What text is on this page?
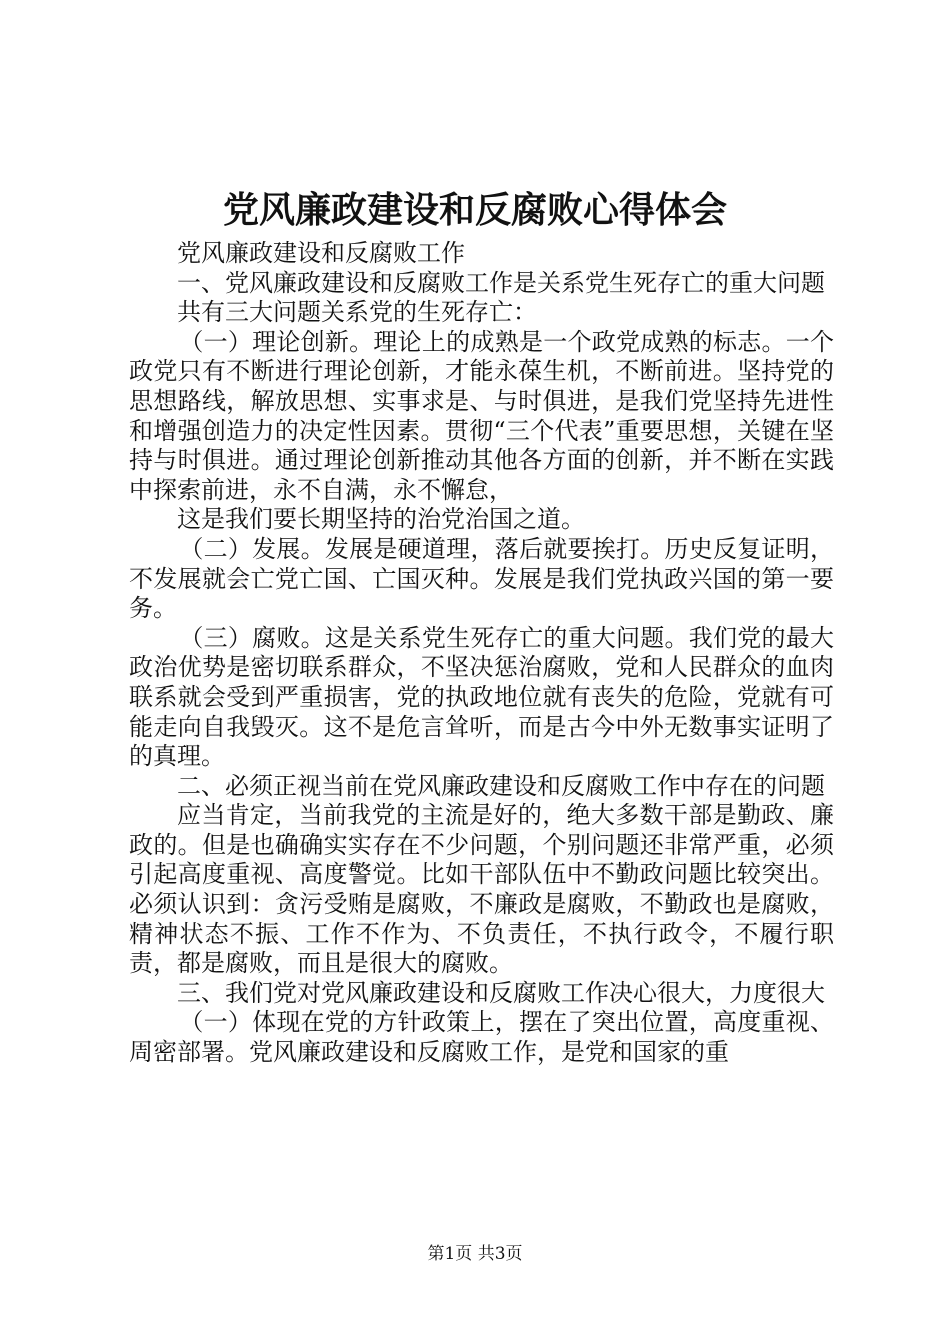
党风廉政建设和反腐败心得体会

党风廉政建设和反腐败工作

一、党风廉政建设和反腐败工作是关系党生死存亡的重大问题

共有三大问题关系党的生死存亡：

（一）理论创新。理论上的成熟是一个政党成熟的标志。一个政党只有不断进行理论创新，才能永葆生机，不断前进。坚持党的思想路线，解放思想、实事求是、与时俱进，是我们党坚持先进性和增强创造力的决定性因素。贯彻“三个代表”重要思想，关键在坚持与时俱进。通过理论创新推动其他各方面的创新，并不断在实践中探索前进，永不自满，永不懈怠，

这是我们要长期坚持的治党治国之道。

（二）发展。发展是硬道理，落后就要挨打。历史反复证明，不发展就会亡党亡国、亡国灭种。发展是我们党执政兴国的第一要务。

（三）腐败。这是关系党生死存亡的重大问题。我们党的最大政治优势是密切联系群众，不坚决惩治腐败，党和人民群众的血肉联系就会受到严重损害，党的执政地位就有丧失的危险，党就有可能走向自我毁灭。这不是危言耸听，而是古今中外无数事实证明了的真理。

二、必须正视当前在党风廉政建设和反腐败工作中存在的问题

应当肯定，当前我党的主流是好的，绝大多数干部是勤政、廉政的。但是也确确实实存在不少问题，个别问题还非常严重，必须引起高度重视、高度警觉。比如干部队伍中不勤政问题比较突出。必须认识到：贪污受贿是腐败，不廉政是腐败，不勤政也是腐败，精神状态不振、工作不作为、不负责任，不执行政令，不履行职责，都是腐败，而且是很大的腐败。

三、我们党对党风廉政建设和反腐败工作决心很大，力度很大

（一）体现在党的方针政策上，摆在了突出位置，高度重视、周密部署。党风廉政建设和反腐败工作，是党和国家的重

第1页 共3页
